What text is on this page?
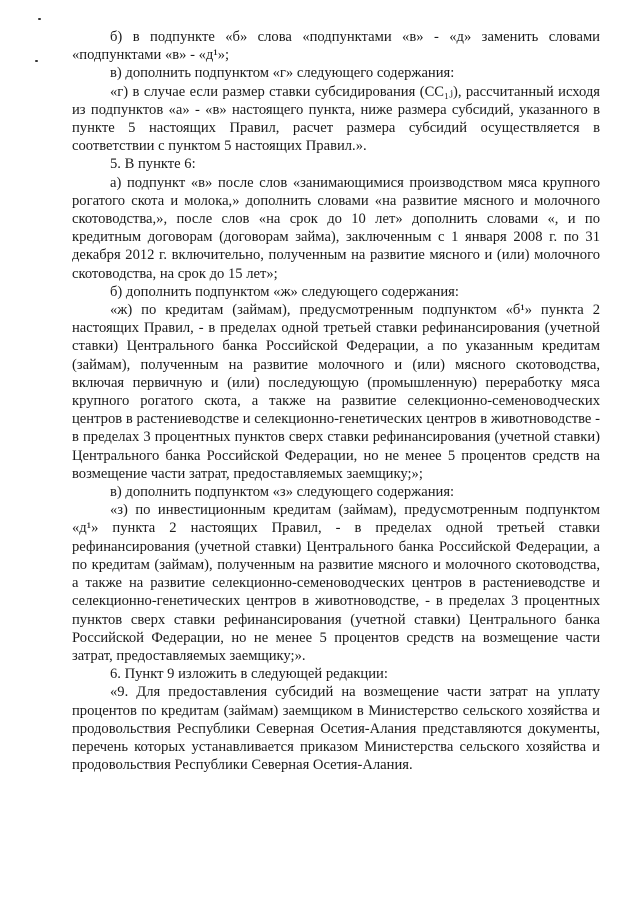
б) в подпункте «б» слова «подпунктами «в» - «д» заменить словами «подпунктами «в» - «д¹»;

в) дополнить подпунктом «г» следующего содержания:

«г) в случае если размер ставки субсидирования (СС₁ⱼ), рассчитанный исходя из подпунктов «а» - «в» настоящего пункта, ниже размера субсидий, указанного в пункте 5 настоящих Правил, расчет размера субсидий осуществляется в соответствии с пунктом 5 настоящих Правил.».

5. В пункте 6:

а) подпункт «в» после слов «занимающимися производством мяса крупного рогатого скота и молока,» дополнить словами «на развитие мясного и молочного скотоводства,», после слов «на срок до 10 лет» дополнить словами «, и по кредитным договорам (договорам займа), заключенным с 1 января 2008 г. по 31 декабря 2012 г. включительно, полученным на развитие мясного и (или) молочного скотоводства, на срок до 15 лет»;

б) дополнить подпунктом «ж» следующего содержания:

«ж) по кредитам (займам), предусмотренным подпунктом «б¹» пункта 2 настоящих Правил, - в пределах одной третьей ставки рефинансирования (учетной ставки) Центрального банка Российской Федерации, а по указанным кредитам (займам), полученным на развитие молочного и (или) мясного скотоводства, включая первичную и (или) последующую (промышленную) переработку мяса крупного рогатого скота, а также на развитие селекционно-семеноводческих центров в растениеводстве и селекционно-генетических центров в животноводстве - в пределах 3 процентных пунктов сверх ставки рефинансирования (учетной ставки) Центрального банка Российской Федерации, но не менее 5 процентов средств на возмещение части затрат, предоставляемых заемщику;»;

в) дополнить подпунктом «з» следующего содержания:

«з) по инвестиционным кредитам (займам), предусмотренным подпунктом «д¹» пункта 2 настоящих Правил, - в пределах одной третьей ставки рефинансирования (учетной ставки) Центрального банка Российской Федерации, а по кредитам (займам), полученным на развитие мясного и молочного скотоводства, а также на развитие селекционно-семеноводческих центров в растениеводстве и селекционно-генетических центров в животноводстве, - в пределах 3 процентных пунктов сверх ставки рефинансирования (учетной ставки) Центрального банка Российской Федерации, но не менее 5 процентов средств на возмещение части затрат, предоставляемых заемщику;».

6. Пункт 9 изложить в следующей редакции:

«9. Для предоставления субсидий на возмещение части затрат на уплату процентов по кредитам (займам) заемщиком в Министерство сельского хозяйства и продовольствия Республики Северная Осетия-Алания представляются документы, перечень которых устанавливается приказом Министерства сельского хозяйства и продовольствия Республики Северная Осетия-Алания.
